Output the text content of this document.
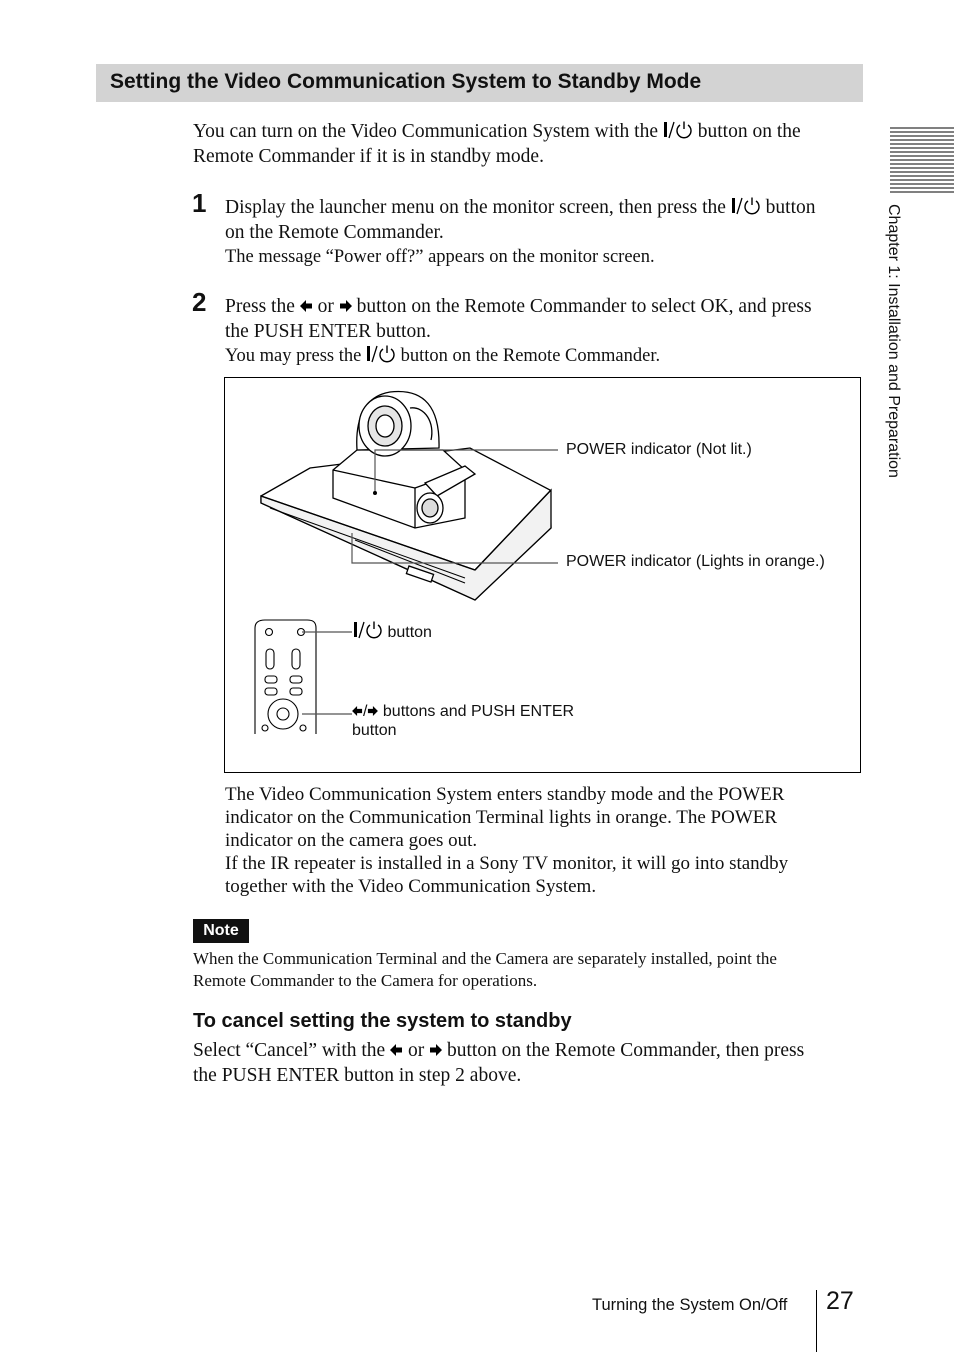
Setting the Video Communication System to Standby Mode
You can turn on the Video Communication System with the  button on the
Remote Commander if it is in standby mode.
1 Display the launcher menu on the monitor screen, then press the  button
on the Remote Commander.
The message “Power off?” appears on the monitor screen.
2 Press the  or  button on the Remote Commander to select OK, and press
the PUSH ENTER button.
You may press the  button on the Remote Commander.
POWER indicator (Not lit.)
POWER indicator (Lights in orange.)
button
/ buttons and PUSH ENTER
button
The Video Communication System enters standby mode and the POWER
indicator on the Communication Terminal lights in orange. The POWER
indicator on the camera goes out.
If the IR repeater is installed in a Sony TV monitor, it will go into standby
together with the Video Communication System.
Note
When the Communication Terminal and the Camera are separately installed, point the
Remote Commander to the Camera for operations.
To cancel setting the system to standby
Select “Cancel” with the  or  button on the Remote Commander, then press
the PUSH ENTER button in step 2 above.
Chapter 1: Installation and Preparation
Turning the System On/Off 27
